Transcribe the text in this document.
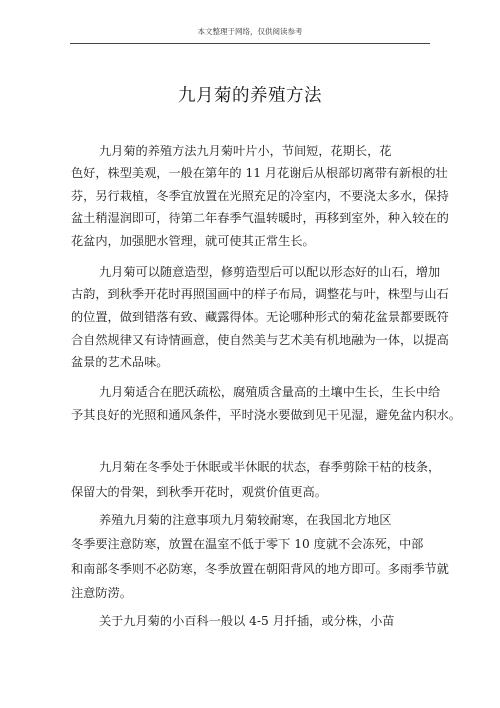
本文整理于网络，仅供阅读参考
九月菊的养殖方法
九月菊的养殖方法九月菊叶片小，节间短，花期长，花
色好，株型美观，一般在第年的 11 月花谢后从根部切离带有新根的壮
芬，另行栽植，冬季宜放置在光照充足的冷室内，不要浇太多水，保持
盆土稍湿润即可，待第二年春季气温转暖时，再移到室外，种入较在的
花盆内，加强肥水管理，就可使其正常生长。
九月菊可以随意造型，修剪造型后可以配以形态好的山石，增加
古韵，到秋季开花时再照国画中的样子布局，调整花与叶，株型与山石
的位置，做到错落有致、藏露得体。无论哪种形式的菊花盆景都要既符
合自然规律又有诗情画意，使自然美与艺术美有机地融为一体，以提高
盆景的艺术品味。
九月菊适合在肥沃疏松，腐殖质含量高的土壤中生长，生长中给
予其良好的光照和通风条件，平时浇水要做到见干见湿，避免盆内积水。
九月菊在冬季处于休眠或半休眠的状态，春季剪除干枯的枝条，
保留大的骨架，到秋季开花时，观赏价值更高。
养殖九月菊的注意事项九月菊较耐寒，在我国北方地区
冬季要注意防寒，放置在温室不低于零下 10 度就不会冻死，中部
和南部冬季则不必防寒，冬季放置在朝阳背风的地方即可。多雨季节就
注意防涝。
关于九月菊的小百科一般以 4-5 月扦插，或分株，小苗
